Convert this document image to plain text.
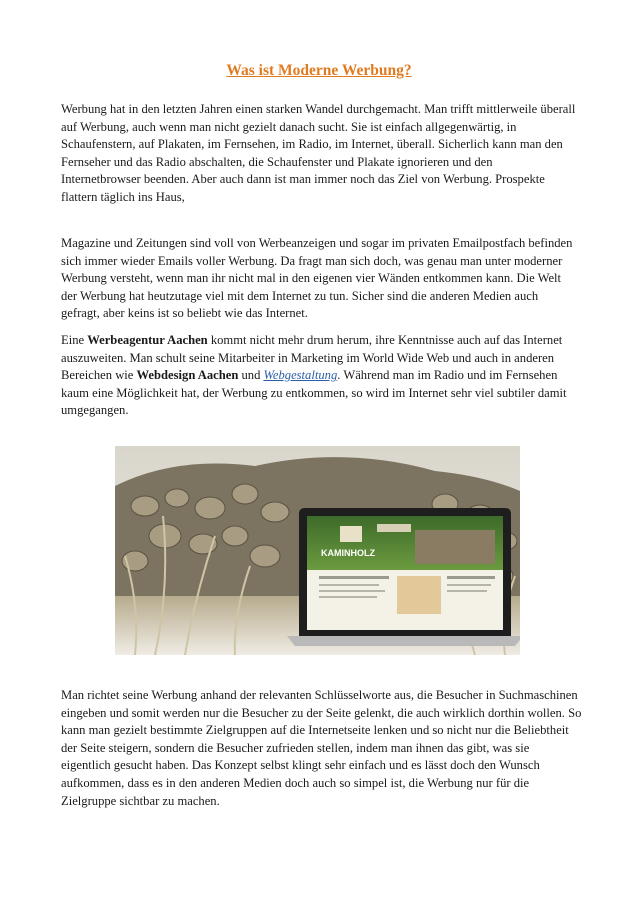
Was ist Moderne Werbung?
Werbung hat in den letzten Jahren einen starken Wandel durchgemacht. Man trifft mittlerweile überall
auf Werbung, auch wenn man nicht gezielt danach sucht. Sie ist einfach allgegenwärtig, in
Schaufenstern, auf Plakaten, im Fernsehen, im Radio, im Internet, überall. Sicherlich kann man den
Fernseher und das Radio abschalten, die Schaufenster und Plakate ignorieren und den
Internetbrowser beenden. Aber auch dann ist man immer noch das Ziel von Werbung. Prospekte
flattern täglich ins Haus,
Magazine und Zeitungen sind voll von Werbeanzeigen und sogar im privaten Emailpostfach befinden
sich immer wieder Emails voller Werbung. Da fragt man sich doch, was genau man unter moderner
Werbung versteht, wenn man ihr nicht mal in den eigenen vier Wänden entkommen kann. Die Welt
der Werbung hat heutzutage viel mit dem Internet zu tun. Sicher sind die anderen Medien auch
gefragt, aber keins ist so beliebt wie das Internet.
Eine Werbeagentur Aachen kommt nicht mehr drum herum, ihre Kenntnisse auch auf das Internet
auszuweiten. Man schult seine Mitarbeiter in Marketing im World Wide Web und auch in anderen
Bereichen wie Webdesign Aachen und Webgestaltung. Während man im Radio und im Fernsehen
kaum eine Möglichkeit hat, der Werbung zu entkommen, so wird im Internet sehr viel subtiler damit
umgegangen.
KAMINHOLZ
Man richtet seine Werbung anhand der relevanten Schlüsselworte aus, die Besucher in Suchmaschinen
eingeben und somit werden nur die Besucher zu der Seite gelenkt, die auch wirklich dorthin wollen. So
kann man gezielt bestimmte Zielgruppen auf die Internetseite lenken und so nicht nur die Beliebtheit
der Seite steigern, sondern die Besucher zufrieden stellen, indem man ihnen das gibt, was sie
eigentlich gesucht haben. Das Konzept selbst klingt sehr einfach und es lässt doch den Wunsch
aufkommen, dass es in den anderen Medien doch auch so simpel ist, die Werbung nur für die
Zielgruppe sichtbar zu machen.
